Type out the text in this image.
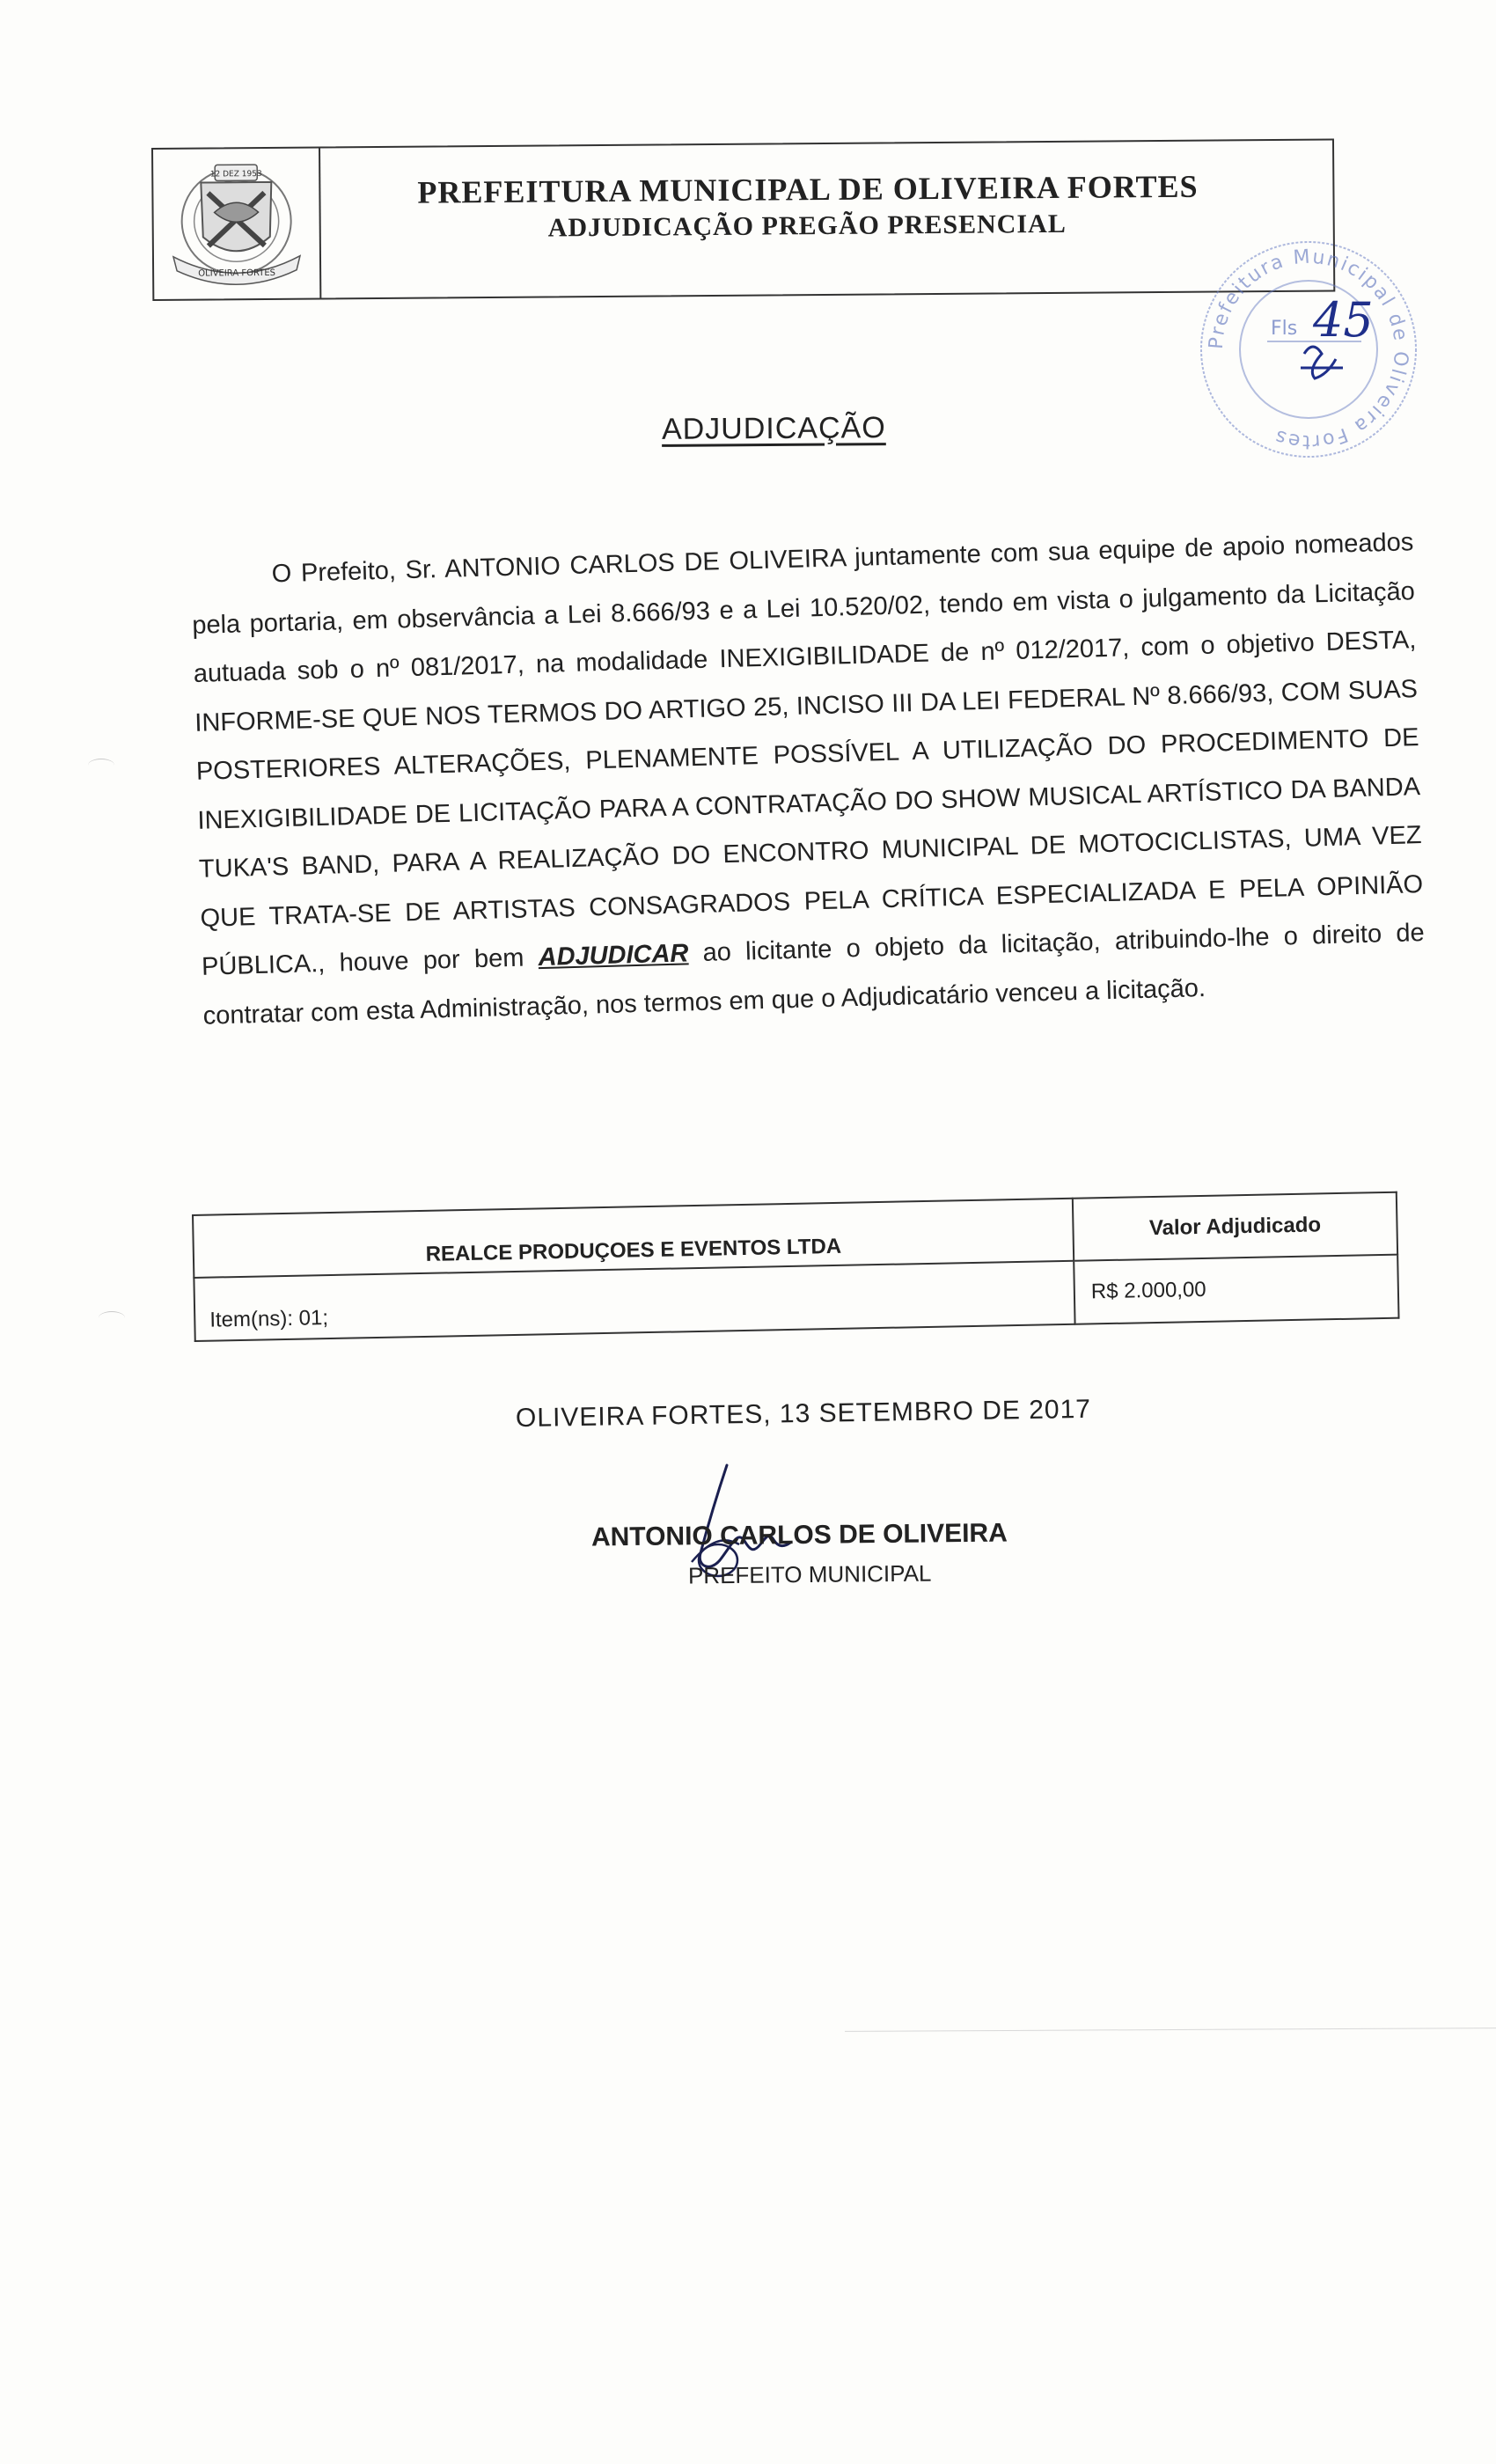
12 DEZ 1953
OLIVEIRA FORTES
PREFEITURA MUNICIPAL DE OLIVEIRA FORTES
ADJUDICAÇÃO PREGÃO PRESENCIAL
Prefeitura Municipal de Oliveira Fortes
Fls 45
ADJUDICAÇÃO

O Prefeito, Sr. ANTONIO CARLOS DE OLIVEIRA juntamente com sua equipe de apoio nomeados pela portaria, em observância a Lei 8.666/93 e a Lei 10.520/02, tendo em vista o julgamento da Licitação autuada sob o nº 081/2017, na modalidade INEXIGIBILIDADE de nº 012/2017, com o objetivo DESTA, INFORME-SE QUE NOS TERMOS DO ARTIGO 25, INCISO III DA LEI FEDERAL Nº 8.666/93, COM SUAS POSTERIORES ALTERAÇÕES, PLENAMENTE POSSÍVEL A UTILIZAÇÃO DO PROCEDIMENTO DE INEXIGIBILIDADE DE LICITAÇÃO PARA A CONTRATAÇÃO DO SHOW MUSICAL ARTÍSTICO DA BANDA TUKA'S BAND, PARA A REALIZAÇÃO DO ENCONTRO MUNICIPAL DE MOTOCICLISTAS, UMA VEZ QUE TRATA-SE DE ARTISTAS CONSAGRADOS PELA CRÍTICA ESPECIALIZADA E PELA OPINIÃO PÚBLICA., houve por bem ADJUDICAR ao licitante o objeto da licitação, atribuindo-lhe o direito de contratar com esta Administração, nos termos em que o Adjudicatário venceu a licitação.

REALCE PRODUÇOES E EVENTOS LTDA	Valor Adjudicado
Item(ns): 01;	R$ 2.000,00
OLIVEIRA FORTES, 13 SETEMBRO DE 2017
ANTONIO CARLOS DE OLIVEIRA
PREFEITO MUNICIPAL
